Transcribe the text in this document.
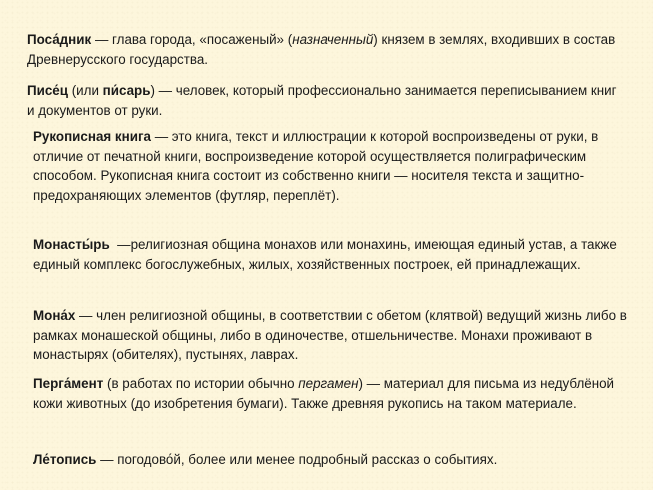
Поса́дник — глава города, «посаженый» (назначенный) князем в землях, входивших в состав Древнерусского государства.

Писе́ц (или пи́сарь) — человек, который профессионально занимается переписыванием книг и документов от руки.

Рукописная книга — это книга, текст и иллюстрации к которой воспроизведены от руки, в отличие от печатной книги, воспроизведение которой осуществляется полиграфическим способом. Рукописная книга состоит из собственно книги — носителя текста и защитно-предохраняющих элементов (футляр, переплёт).

Монасты́рь  —религиозная община монахов или монахинь, имеющая единый устав, а также единый комплекс богослужебных, жилых, хозяйственных построек, ей принадлежащих.

Мона́х — член религиозной общины, в соответствии с обетом (клятвой) ведущий жизнь либо в рамках монашеской общины, либо в одиночестве, отшельничестве. Монахи проживают в монастырях (обителях), пустынях, лаврах.

Перга́мент (в работах по истории обычно пергамен) — материал для письма из недублёной кожи животных (до изобретения бумаги). Также древняя рукопись на таком материале.

Ле́топись — погодово́й, более или менее подробный рассказ о событиях.
